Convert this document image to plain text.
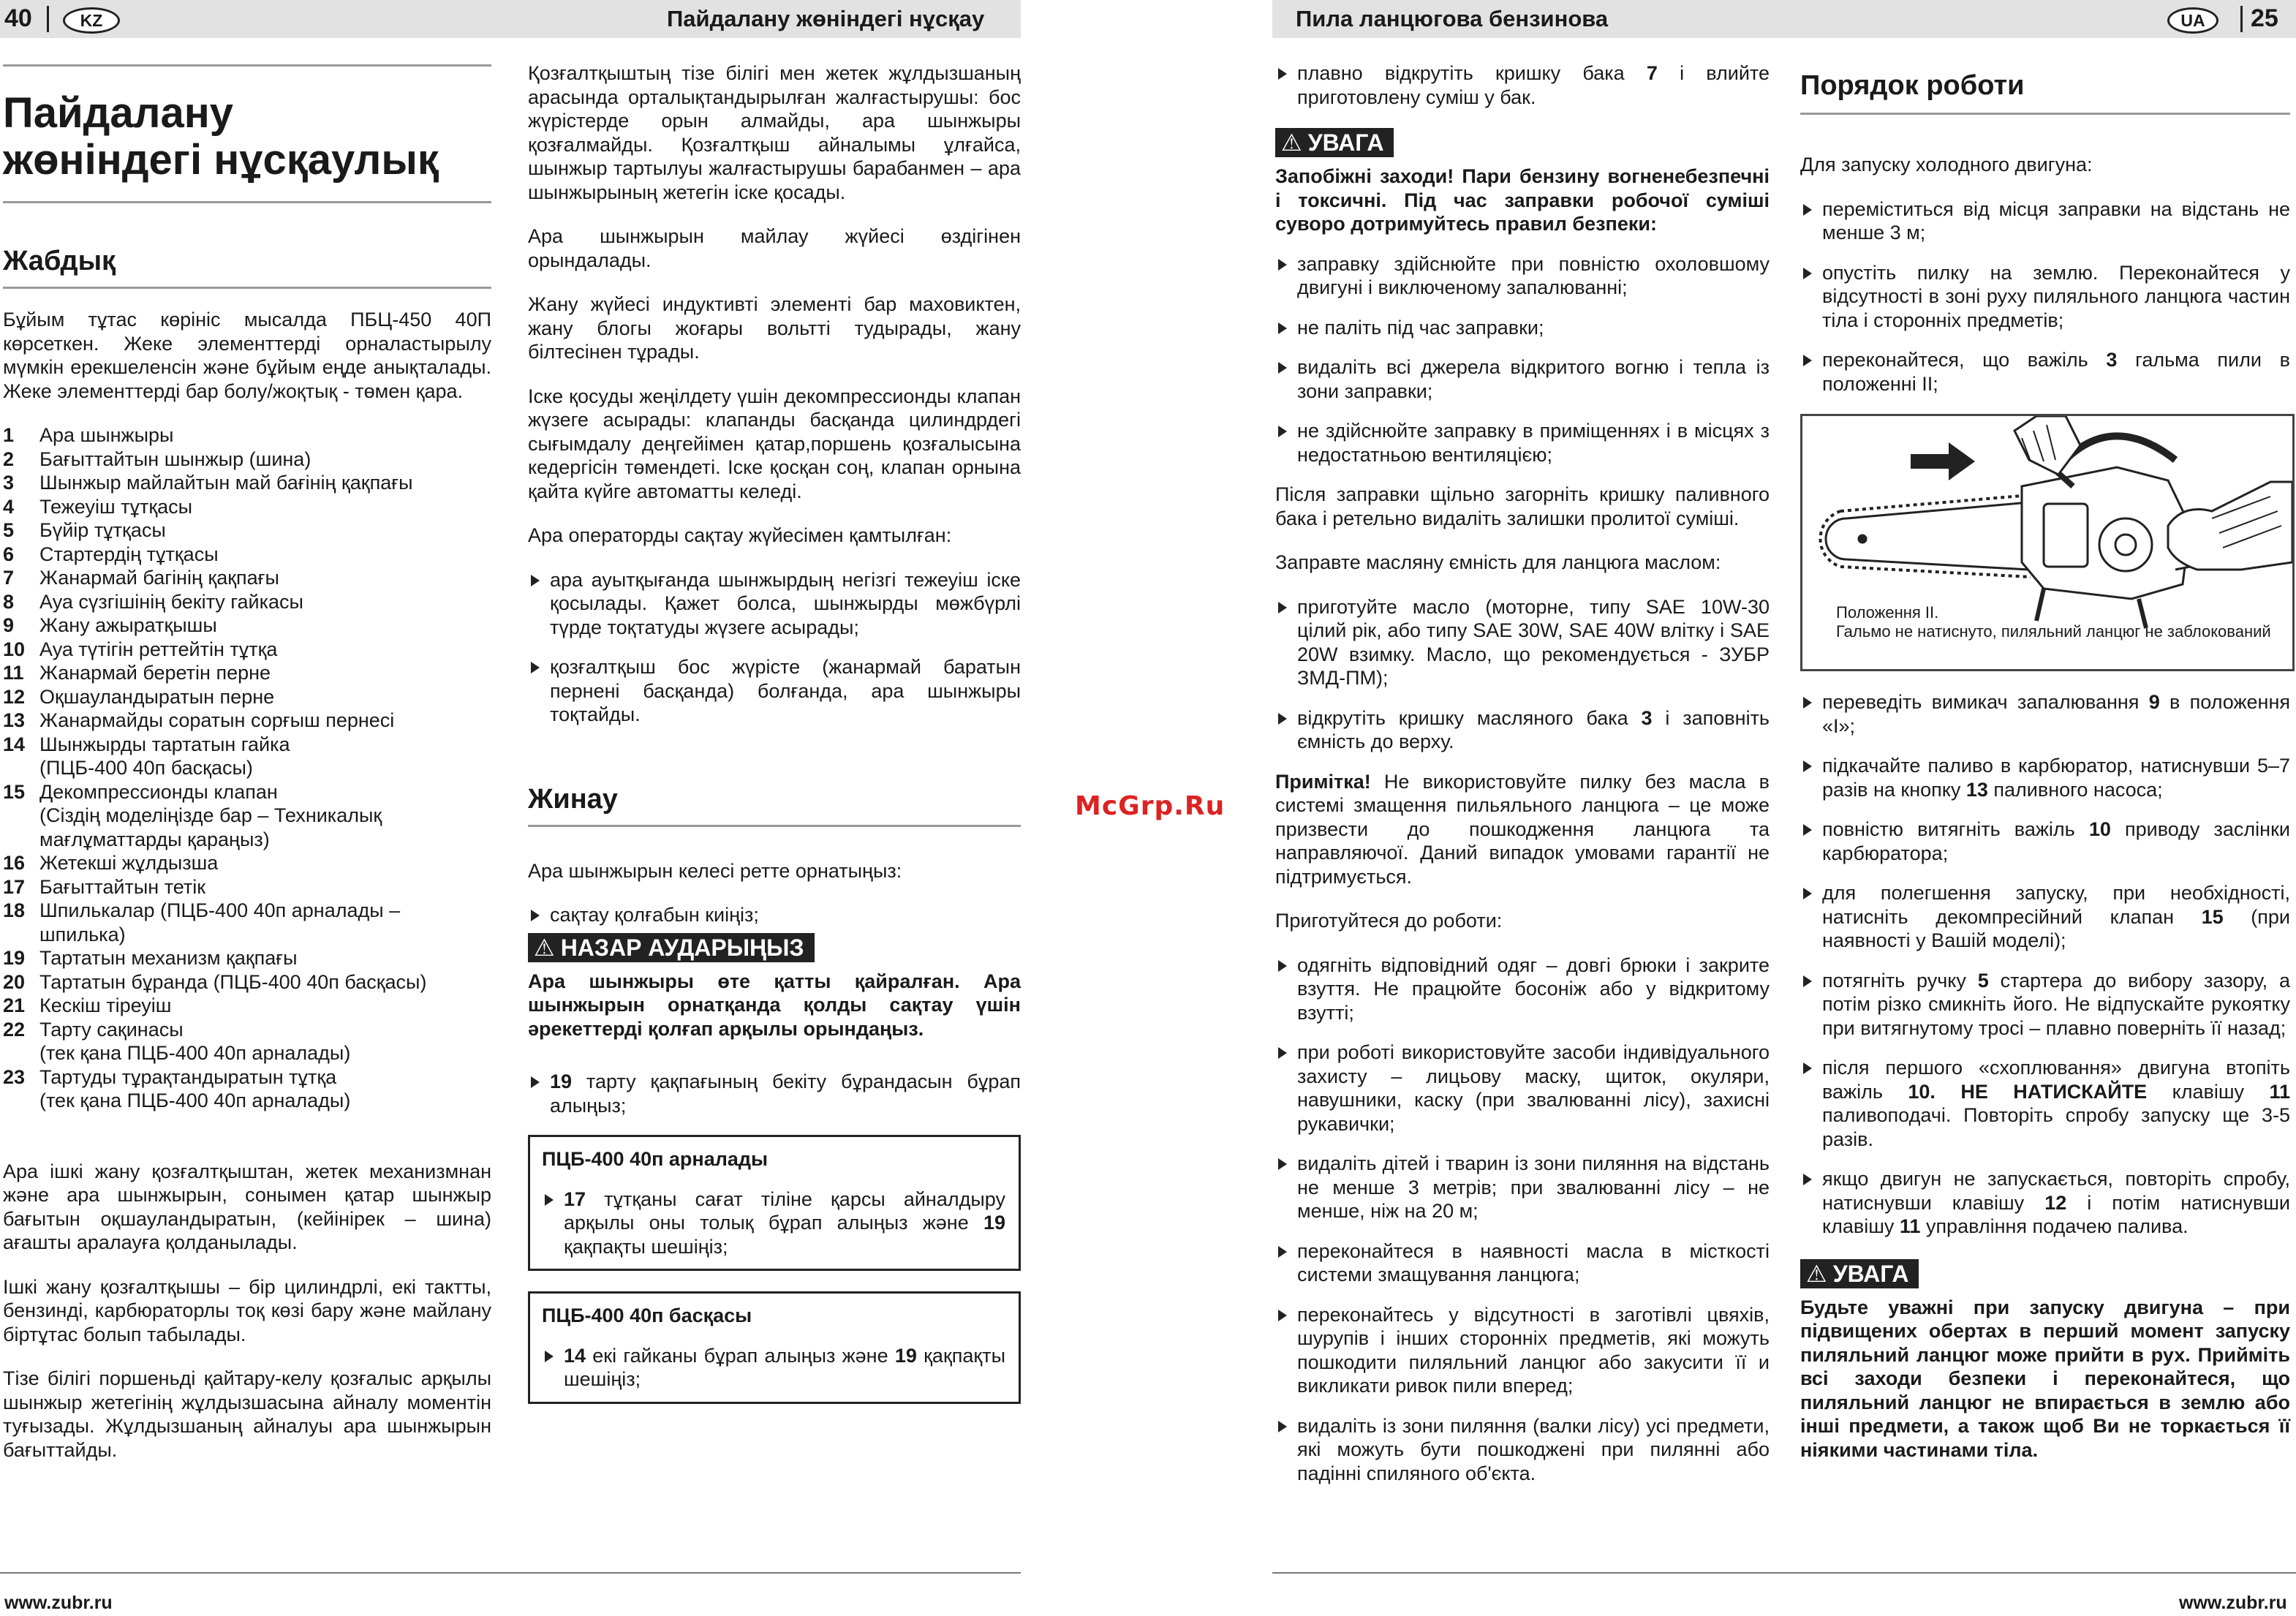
40	KZ	Пайдалану жөніндегі нұсқау
Пайдалану
жөніндегі нұсқаулық
Жабдық

Бұйым тұтас көрініс мысалда ПБЦ-450 40П көрсеткен. Жеке элементтерді орналастырылу мүмкін ерекшеленсін және бұйым еңде анықталады. Жеке элементтерді бар болу/жоқтық - төмен қара.

1	Ара шынжыры
2	Бағыттайтын шынжыр (шина)
3	Шынжыр майлайтын май бағінің қақпағы
4	Тежеуіш тұтқасы
5	Бүйір тұтқасы
6	Стартердің тұтқасы
7	Жанармай багінің қақпағы
8	Ауа сүзгішінің бекіту гайкасы
9	Жану ажыратқышы
10 Ауа түтігін реттейтін тұтқа
11 Жанармай беретін перне
12 Оқшауландыратын перне
13 Жанармайды соратын сорғыш пернесі
14 Шынжырды тартатын гайка
(ПЦБ-400 40п басқасы)
15 Декомпрессионды клапан
(Сіздің моделіңізде бар – Техникалық мағлұматтарды қараңыз)
16 Жетекші жұлдызша
17 Бағыттайтын тетік
18 Шпилькалар (ПЦБ-400 40п арналады – шпилька)
19 Тартатын механизм қақпағы
20 Тартатын бұранда (ПЦБ-400 40п басқасы)
21 Кескіш тіреуіш
22 Тарту сақинасы
(тек қана ПЦБ-400 40п арналады)
23 Тартуды тұрақтандыратын тұтқа
(тек қана ПЦБ-400 40п арналады)

Ара ішкі жану қозғалтқыштан, жетек механизмнан және ара шынжырын, сонымен қатар шынжыр бағытын оқшауландыратын, (кейінірек – шина) ағашты аралауға қолданылады.

Ішкі жану қозғалтқышы – бір цилиндрлі, екі тактты, бензинді, карбюраторлы тоқ көзі бару және майлану біртұтас болып табылады.

Тізе білігі поршеньді қайтару-келу қозғалыс арқылы шынжыр жетегінің жұлдызшасына айналу моментін туғызады. Жұлдызшаның айналуы ара шынжырын бағыттайды.

Қозғалтқыштың тізе білігі мен жетек жұлдызшаның арасында орталықтандырылған жалғастырушы: бос жүрістерде орын алмайды, ара шынжыры қозғалмайды. Қозғалтқыш айналымы ұлғайса, шынжыр тартылуы жалғастырушы барабанмен – ара шынжырының жетегін іске қосады.

Ара шынжырын майлау жүйесі өздігінен орындалады.

Жану жүйесі индуктивті элементі бар маховиктен, жану блогы жоғары вольтті тудырады, жану білтесінен тұрады.

Іске қосуды жеңілдету үшін декомпрессионды клапан жүзеге асырады: клапанды басқанда цилиндрдегі сығымдалу деңгейімен қатар,поршень қозғалысына кедергісін төмендеті. Іске қосқан соң, клапан орнына қайта күйге автоматты келеді.

Ара операторды сақтау жүйесімен қамтылған:

ара ауытқығанда шынжырдың негізгі тежеуіш іске қосылады. Қажет болса, шынжырды мөжбүрлі түрде тоқтатуды жүзеге асырады;
қозғалтқыш бос жүрісте (жанармай баратын пернені басқанда) болғанда, ара шынжыры тоқтайды.
Жинау

Ара шынжырын келесі ретте орнатыңыз:

сақтау қолғабын киіңіз;
⚠ НАЗАР АУДАРЫҢЫЗ

Ара шынжыры өте қатты қайралған. Ара шынжырын орнатқанда қолды сақтау үшін әрекеттерді қолғап арқылы орындаңыз.

19 тарту қақпағының бекіту бұрандасын бұрап алыңыз;
ПЦБ-400 40п арналады
17 тұтқаны сағат тіліне қарсы айналдыру арқылы оны толық бұрап алыңыз және 19 қақпақты шешіңіз;
ПЦБ-400 40п басқасы
14 екі гайканы бұрап алыңыз және 19 қақпақты шешіңіз;
www.zubr.ru
McGrp.Ru
Пила ланцюгова бензинова	UA	25
плавно відкрутіть кришку бака 7 і влийте приготовлену суміш у бак.
⚠ УВАГА

Запобіжні заходи! Пари бензину вогненебезпечні і токсичні. Під час заправки робочої суміші суворо дотримуйтесь правил безпеки:

заправку здійснюйте при повністю охоловшому двигуні і виключеному запалюванні;
не паліть під час заправки;
видаліть всі джерела відкритого вогню і тепла із зони заправки;
не здійснюйте заправку в приміщеннях і в місцях з недостатньою вентиляцією;

Після заправки щільно загорніть кришку паливного бака і ретельно видаліть залишки пролитої суміші.

Заправте масляну ємність для ланцюга маслом:

приготуйте масло (моторне, типу SAE 10W-30 цілий рік, або типу SAE 30W, SAE 40W влітку і SAE 20W взимку. Масло, що рекомендується - ЗУБР ЗМД-ПМ);
відкрутіть кришку масляного бака 3 і заповніть ємність до верху.

Примітка! Не використовуйте пилку без масла в системі змащення пильяльного ланцюга – це може призвести до пошкодження ланцюга та направляючої. Даний випадок умовами гарантії не підтримується.

Приготуйтеся до роботи:

одягніть відповідний одяг – довгі брюки і закрите взуття. Не працюйте босоніж або у відкритому взутті;
при роботі використовуйте засоби індивідуального захисту – лицьову маску, щиток, окуляри, навушники, каску (при звалюванні лісу), захисні рукавички;
видаліть дітей і тварин із зони пиляння на відстань не менше 3 метрів; при звалюванні лісу – не менше, ніж на 20 м;
переконайтеся в наявності масла в місткості системи змащування ланцюга;
переконайтесь у відсутності в заготівлі цвяхів, шурупів і інших сторонніх предметів, які можуть пошкодити пиляльний ланцюг або закусити її и викликати ривок пили вперед;
видаліть із зони пиляння (валки лісу) усі предмети, які можуть бути пошкоджені при пилянні або падінні спиляного об'єкта.
Порядок роботи

Для запуску холодного двигуна:

переміститься від місця заправки на відстань не менше 3 м;
опустіть пилку на землю. Переконайтеся у відсутності в зоні руху пиляльного ланцюга частин тіла і сторонніх предметів;
переконайтеся, що важіль 3 гальма пили в положенні II;
Положення II.
Гальмо не натиснуто, пиляльний ланцюг не заблокований
переведіть вимикач запалювання 9 в положення «I»;
підкачайте паливо в карбюратор, натиснувши 5–7 разів на кнопку 13 паливного насоса;
повністю витягніть важіль 10 приводу заслінки карбюратора;
для полегшення запуску, при необхідності, натисніть декомпресійний клапан 15 (при наявності у Вашій моделі);
потягніть ручку 5 стартера до вибору зазору, а потім різко смикніть його. Не відпускайте рукоятку при витягнутому тросі – плавно поверніть її назад;
після першого «схоплювання» двигуна втопіть важіль 10. НЕ НАТИСКАЙТЕ клавішу 11 паливоподачі. Повторіть спробу запуску ще 3-5 разів.
якщо двигун не запускається, повторіть спробу, натиснувши клавішу 12 і потім натиснувши клавішу 11 управління подачею палива.
⚠ УВАГА

Будьте уважні при запуску двигуна – при підвищених обертах в перший момент запуску пиляльний ланцюг може прийти в рух. Прийміть всі заходи безпеки і переконайтеся, що пиляльний ланцюг не впирається в землю або інші предмети, а також щоб Ви не торкається її ніякими частинами тіла.

www.zubr.ru
